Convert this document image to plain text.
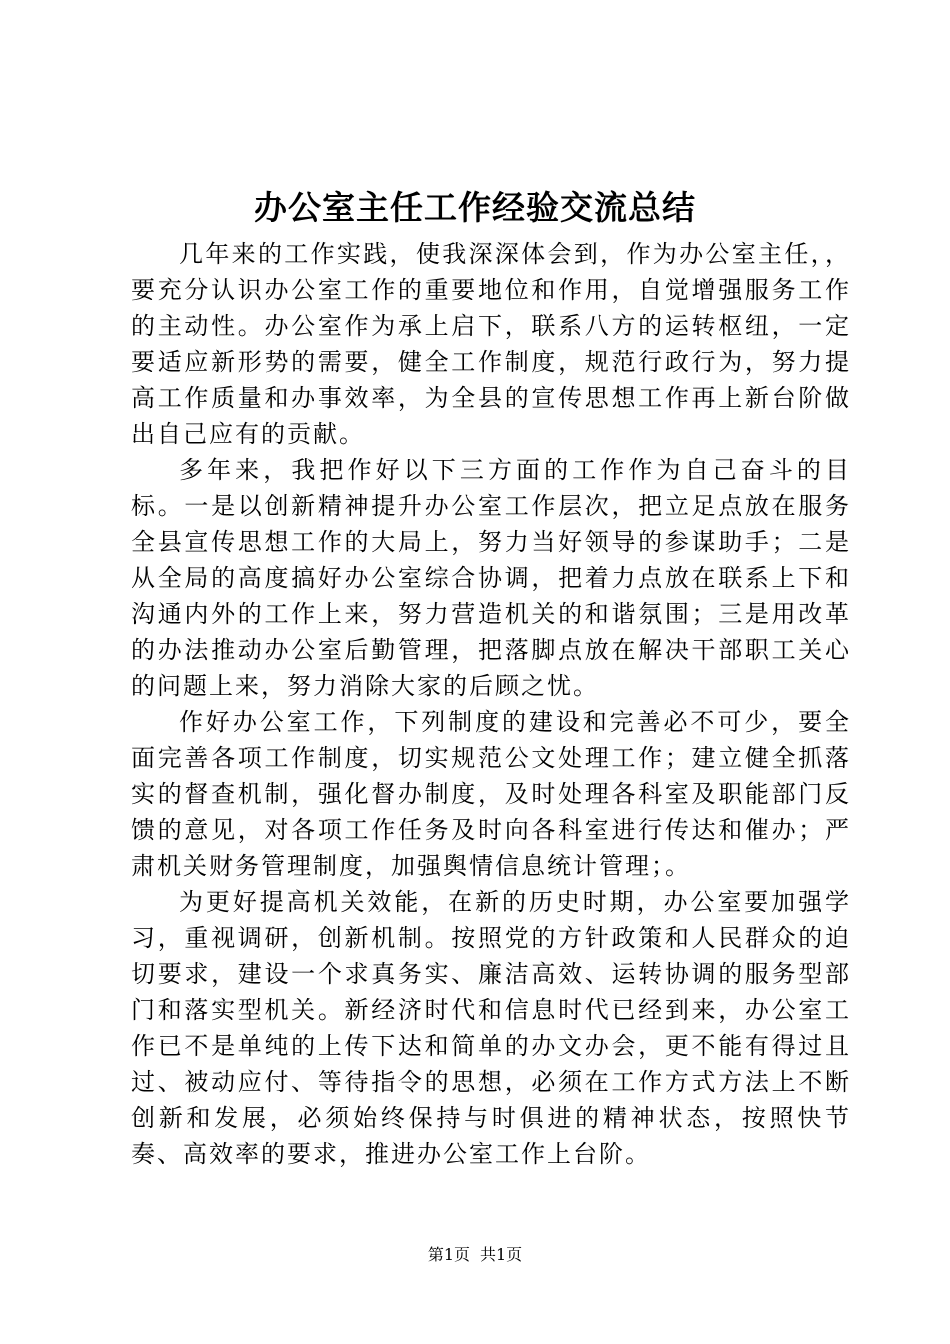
办公室主任工作经验交流总结

几年来的工作实践，使我深深体会到，作为办公室主任，，要充分认识办公室工作的重要地位和作用，自觉增强服务工作的主动性。办公室作为承上启下，联系八方的运转枢纽，一定要适应新形势的需要，健全工作制度，规范行政行为，努力提高工作质量和办事效率，为全县的宣传思想工作再上新台阶做出自己应有的贡献。

多年来，我把作好以下三方面的工作作为自己奋斗的目标。一是以创新精神提升办公室工作层次，把立足点放在服务全县宣传思想工作的大局上，努力当好领导的参谋助手；二是从全局的高度搞好办公室综合协调，把着力点放在联系上下和沟通内外的工作上来，努力营造机关的和谐氛围；三是用改革的办法推动办公室后勤管理，把落脚点放在解决干部职工关心的问题上来，努力消除大家的后顾之忧。

作好办公室工作，下列制度的建设和完善必不可少，要全面完善各项工作制度，切实规范公文处理工作；建立健全抓落实的督查机制，强化督办制度，及时处理各科室及职能部门反馈的意见，对各项工作任务及时向各科室进行传达和催办；严肃机关财务管理制度，加强舆情信息统计管理；。

为更好提高机关效能，在新的历史时期，办公室要加强学习，重视调研，创新机制。按照党的方针政策和人民群众的迫切要求，建设一个求真务实、廉洁高效、运转协调的服务型部门和落实型机关。新经济时代和信息时代已经到来，办公室工作已不是单纯的上传下达和简单的办文办会，更不能有得过且过、被动应付、等待指令的思想，必须在工作方式方法上不断创新和发展，必须始终保持与时俱进的精神状态，按照快节奏、高效率的要求，推进办公室工作上台阶。

第1页 共1页
